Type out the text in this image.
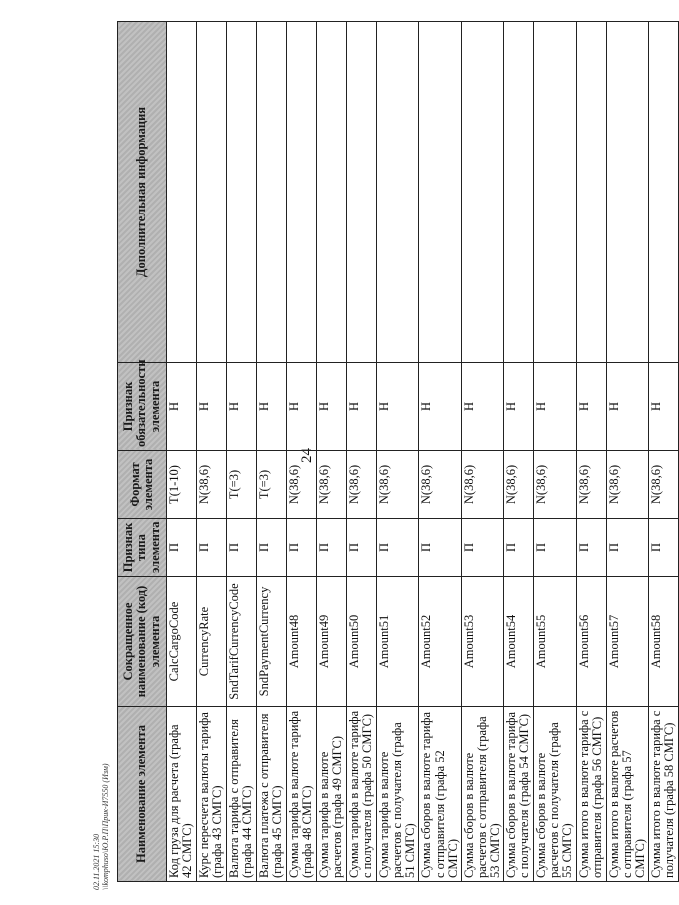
24
Наименование элемента	Сокращенное наименование (код) элемента	Признак типа элемента	Формат элемента	Признак обязательности элемента	Дополнительная информация
Код груза для расчета (графа 42 СМГС)	CalcCargoCode	П	T(1-10)	Н	
Курс пересчета валюты тарифа (графа 43 СМГС)	CurrencyRate	П	N(38,6)	Н	
Валюта тарифа с отправителя (графа 44 СМГС)	SndTarifCurrencyCode	П	T(=3)	Н	
Валюта платежа с отправителя (графа 45 СМГС)	SndPaymentCurrency	П	T(=3)	Н	
Сумма тарифа в валюте тарифа (графа 48 СМГС)	Amount48	П	N(38,6)	Н	
Сумма тарифа в валюте расчетов (графа 49 СМГС)	Amount49	П	N(38,6)	Н	
Сумма тарифа в валюте тарифа с получателя (графа 50 СМГС)	Amount50	П	N(38,6)	Н	
Сумма тарифа в валюте расчетов с получателя (графа 51 СМГС)	Amount51	П	N(38,6)	Н	
Сумма сборов в валюте тарифа с отправителя (графа 52 СМГС)	Amount52	П	N(38,6)	Н	
Сумма сборов в валюте расчетов с отправителя (графа 53 СМГС)	Amount53	П	N(38,6)	Н	
Сумма сборов в валюте тарифа с получателя (графа 54 СМГС)	Amount54	П	N(38,6)	Н	
Сумма сборов в валюте расчетов с получателя (графа 55 СМГС)	Amount55	П	N(38,6)	Н	
Сумма итого в валюте тарифа с отправителя (графа 56 СМГС)	Amount56	П	N(38,6)	Н	
Сумма итого в валюте расчетов с отправителя (графа 57 СМГС)	Amount57	П	N(38,6)	Н	
Сумма итого в валюте тарифа с получателя (графа 58 СМГС)	Amount58	П	N(38,6)	Н	
02.11.2021 15:30 \\komphuso\Ю.Р.П\Прик-И7550 (Изм)
